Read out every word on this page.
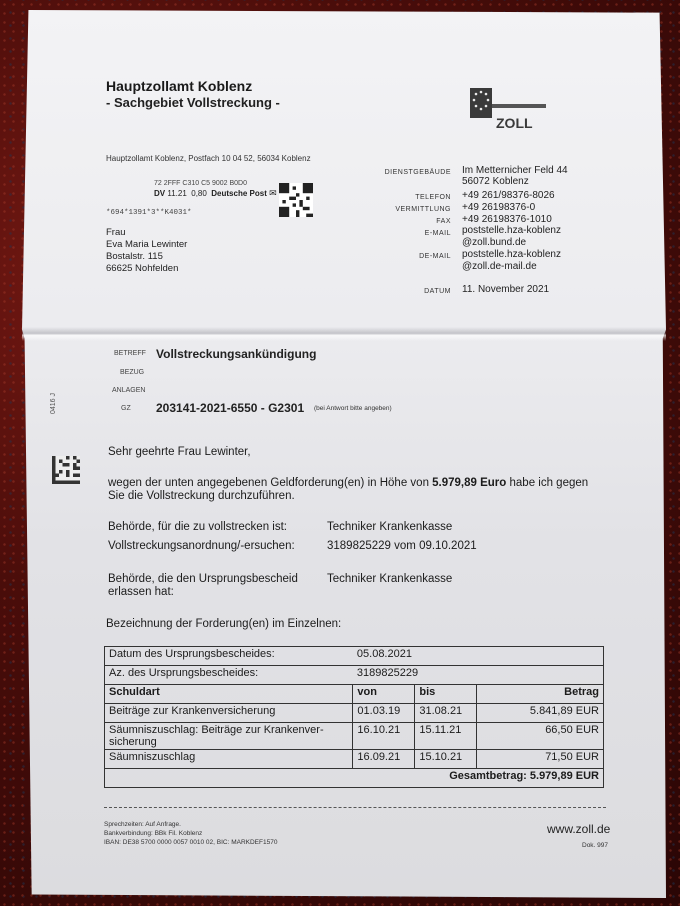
Hauptzollamt Koblenz
- Sachgebiet Vollstreckung -
ZOLL
Hauptzollamt Koblenz, Postfach 10 04 52, 56034 Koblenz
72 2FFF C310 C5 9002 B0D0
DV 11.21 0,80 Deutsche Post ✉
*694*1391*3**K4031*
Frau
Eva Maria Lewinter
Bostalstr. 115
66625 Nohfelden
DIENSTGEBÄUDE Im Metternicher Feld 44
56072 Koblenz
TELEFON +49 261/98376-8026
VERMITTLUNG +49 26198376-0
FAX +49 26198376-1010
E-MAIL poststelle.hza-koblenz
@zoll.bund.de
DE-MAIL poststelle.hza-koblenz
@zoll.de-mail.de
DATUM 11. November 2021
BETREFF Vollstreckungsankündigung
BEZUG
ANLAGEN
GZ 203141-2021-6550 - G2301 (bei Antwort bitte angeben)
0416 J
Sehr geehrte Frau Lewinter,
wegen der unten angegebenen Geldforderung(en) in Höhe von 5.979,89 Euro habe ich gegen
Sie die Vollstreckung durchzuführen.
Behörde, für die zu vollstrecken ist:	Techniker Krankenkasse
Vollstreckungsanordnung/-ersuchen:	3189825229 vom 09.10.2021
Behörde, die den Ursprungsbescheid
erlassen hat:
Techniker Krankenkasse
Bezeichnung der Forderung(en) im Einzelnen:
Datum des Ursprungsbescheides:	05.08.2021		
Az. des Ursprungsbescheides:	3189825229		
Schuldart	von	bis	Betrag
Beiträge zur Krankenversicherung	01.03.19	31.08.21	5.841,89 EUR
Säumniszuschlag: Beiträge zur Krankenver-
sicherung	16.10.21	15.11.21	66,50 EUR
Säumniszuschlag	16.09.21	15.10.21	71,50 EUR
Gesamtbetrag: 5.979,89 EUR			
Sprechzeiten: Auf Anfrage.
Bankverbindung: BBk Fil. Koblenz
IBAN: DE38 5700 0000 0057 0010 02, BIC: MARKDEF1570
www.zoll.de
Dok. 997
